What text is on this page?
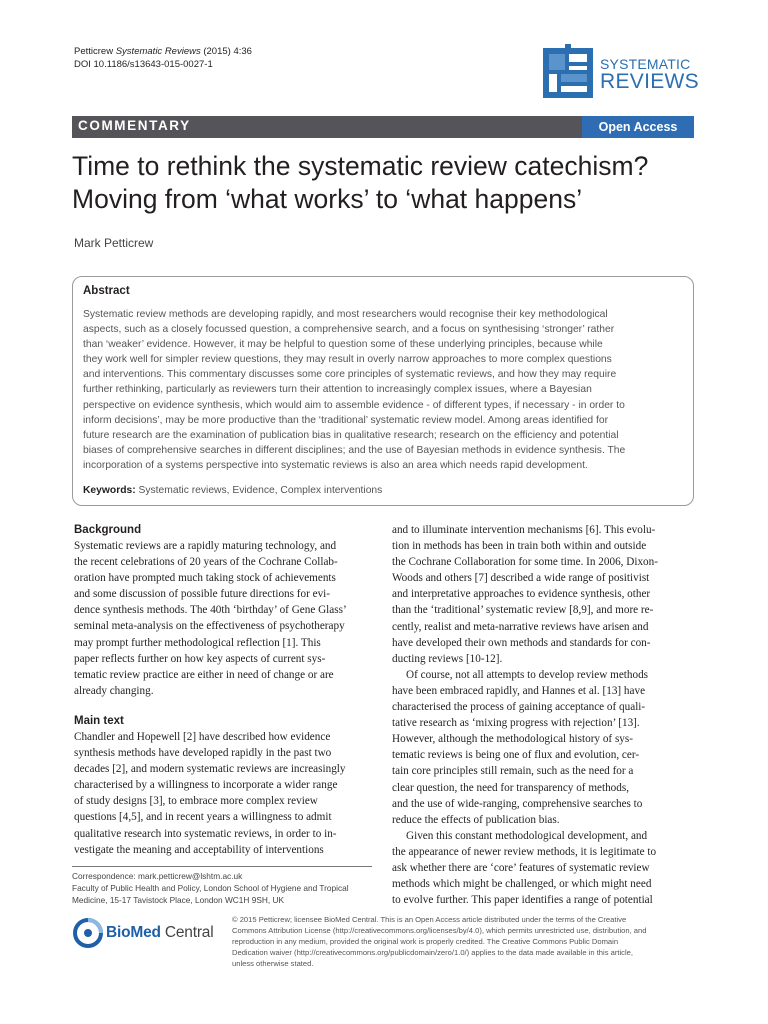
Petticrew Systematic Reviews (2015) 4:36
DOI 10.1186/s13643-015-0027-1	SYSTEMATIC
REVIEWS
COMMENTARY	Open Access
Time to rethink the systematic review catechism?
Moving from ‘what works’ to ‘what happens’
Mark Petticrew
Abstract
Systematic review methods are developing rapidly, and most researchers would recognise their key methodological
aspects, such as a closely focussed question, a comprehensive search, and a focus on synthesising ‘stronger’ rather
than ‘weaker’ evidence. However, it may be helpful to question some of these underlying principles, because while
they work well for simpler review questions, they may result in overly narrow approaches to more complex questions
and interventions. This commentary discusses some core principles of systematic reviews, and how they may require
further rethinking, particularly as reviewers turn their attention to increasingly complex issues, where a Bayesian
perspective on evidence synthesis, which would aim to assemble evidence - of different types, if necessary - in order to
inform decisions’, may be more productive than the ‘traditional’ systematic review model. Among areas identified for
future research are the examination of publication bias in qualitative research; research on the efficiency and potential
biases of comprehensive searches in different disciplines; and the use of Bayesian methods in evidence synthesis. The
incorporation of a systems perspective into systematic reviews is also an area which needs rapid development.
Keywords: Systematic reviews, Evidence, Complex interventions
Background
Systematic reviews are a rapidly maturing technology, and
the recent celebrations of 20 years of the Cochrane Collab-
oration have prompted much taking stock of achievements
and some discussion of possible future directions for evi-
dence synthesis methods. The 40th ‘birthday’ of Gene Glass’
seminal meta-analysis on the effectiveness of psychotherapy
may prompt further methodological reflection [1]. This
paper reflects further on how key aspects of current sys-
tematic review practice are either in need of change or are
already changing.
Main text
Chandler and Hopewell [2] have described how evidence
synthesis methods have developed rapidly in the past two
decades [2], and modern systematic reviews are increasingly
characterised by a willingness to incorporate a wider range
of study designs [3], to embrace more complex review
questions [4,5], and in recent years a willingness to admit
qualitative research into systematic reviews, in order to in-
vestigate the meaning and acceptability of interventions
and to illuminate intervention mechanisms [6]. This evolu-
tion in methods has been in train both within and outside
the Cochrane Collaboration for some time. In 2006, Dixon-
Woods and others [7] described a wide range of positivist
and interpretative approaches to evidence synthesis, other
than the ‘traditional’ systematic review [8,9], and more re-
cently, realist and meta-narrative reviews have arisen and
have developed their own methods and standards for con-
ducting reviews [10-12].
Of course, not all attempts to develop review methods
have been embraced rapidly, and Hannes et al. [13] have
characterised the process of gaining acceptance of quali-
tative research as ‘mixing progress with rejection’ [13].
However, although the methodological history of sys-
tematic reviews is being one of flux and evolution, cer-
tain core principles still remain, such as the need for a
clear question, the need for transparency of methods,
and the use of wide-ranging, comprehensive searches to
reduce the effects of publication bias.
Given this constant methodological development, and
the appearance of newer review methods, it is legitimate to
ask whether there are ‘core’ features of systematic review
methods which might be challenged, or which might need
to evolve further. This paper identifies a range of potential
Correspondence: mark.petticrew@lshtm.ac.uk
Faculty of Public Health and Policy, London School of Hygiene and Tropical
Medicine, 15-17 Tavistock Place, London WC1H 9SH, UK
BioMed Central
© 2015 Petticrew; licensee BioMed Central. This is an Open Access article distributed under the terms of the Creative
Commons Attribution License (http://creativecommons.org/licenses/by/4.0), which permits unrestricted use, distribution, and
reproduction in any medium, provided the original work is properly credited. The Creative Commons Public Domain
Dedication waiver (http://creativecommons.org/publicdomain/zero/1.0/) applies to the data made available in this article,
unless otherwise stated.
